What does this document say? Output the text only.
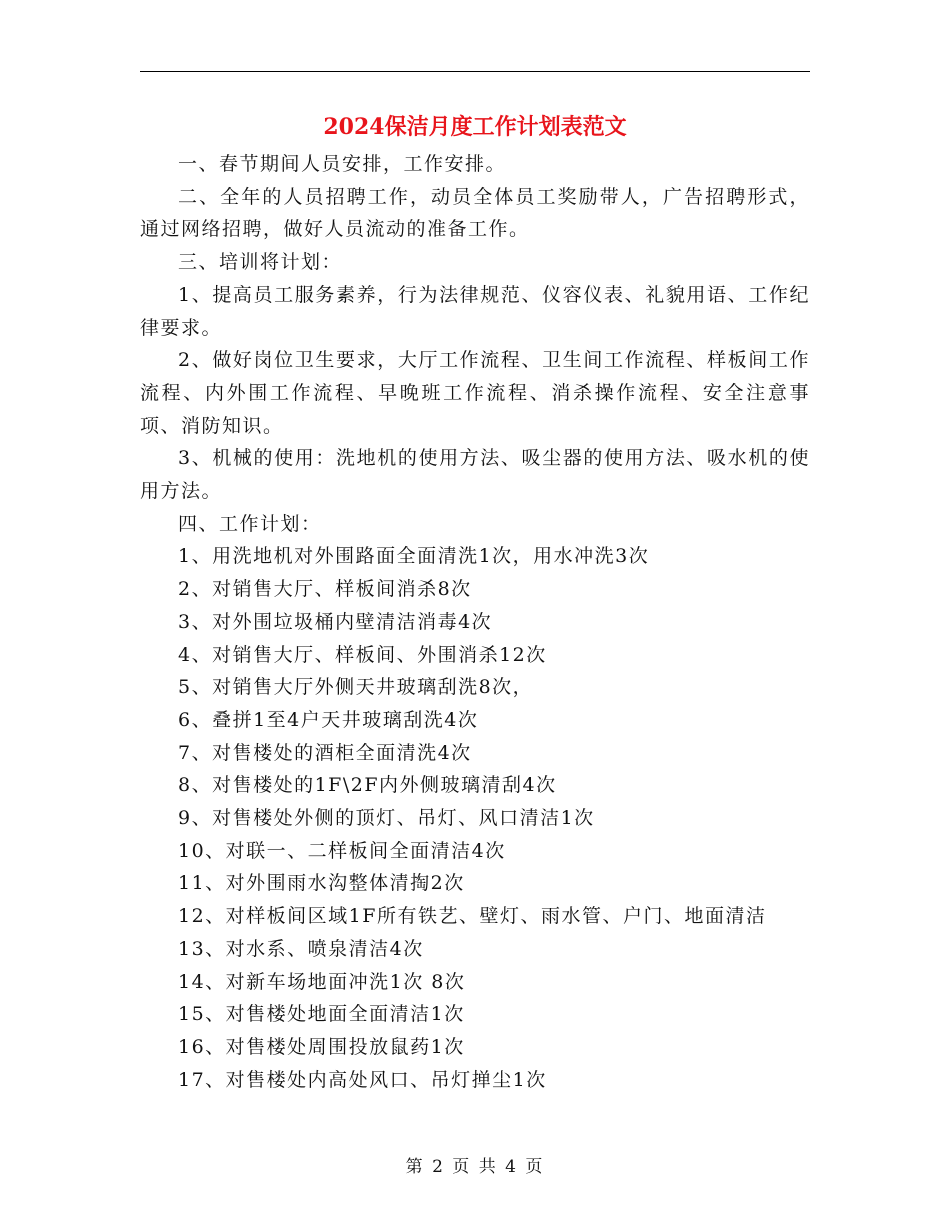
2024保洁月度工作计划表范文

一、春节期间人员安排，工作安排。

二、全年的人员招聘工作，动员全体员工奖励带人，广告招聘形式，通过网络招聘，做好人员流动的准备工作。

三、培训将计划：

1、提高员工服务素养，行为法律规范、仪容仪表、礼貌用语、工作纪律要求。

2、做好岗位卫生要求，大厅工作流程、卫生间工作流程、样板间工作流程、内外围工作流程、早晚班工作流程、消杀操作流程、安全注意事项、消防知识。

3、机械的使用：洗地机的使用方法、吸尘器的使用方法、吸水机的使用方法。

四、工作计划：

1、用洗地机对外围路面全面清洗1次，用水冲洗3次

2、对销售大厅、样板间消杀8次

3、对外围垃圾桶内壁清洁消毒4次

4、对销售大厅、样板间、外围消杀12次

5、对销售大厅外侧天井玻璃刮洗8次，

6、叠拼1至4户天井玻璃刮洗4次

7、对售楼处的酒柜全面清洗4次

8、对售楼处的1F\2F内外侧玻璃清刮4次

9、对售楼处外侧的顶灯、吊灯、风口清洁1次

10、对联一、二样板间全面清洁4次

11、对外围雨水沟整体清掏2次

12、对样板间区域1F所有铁艺、壁灯、雨水管、户门、地面清洁

13、对水系、喷泉清洁4次

14、对新车场地面冲洗1次 8次

15、对售楼处地面全面清洁1次

16、对售楼处周围投放鼠药1次

17、对售楼处内高处风口、吊灯掸尘1次

第 2 页 共 4 页
